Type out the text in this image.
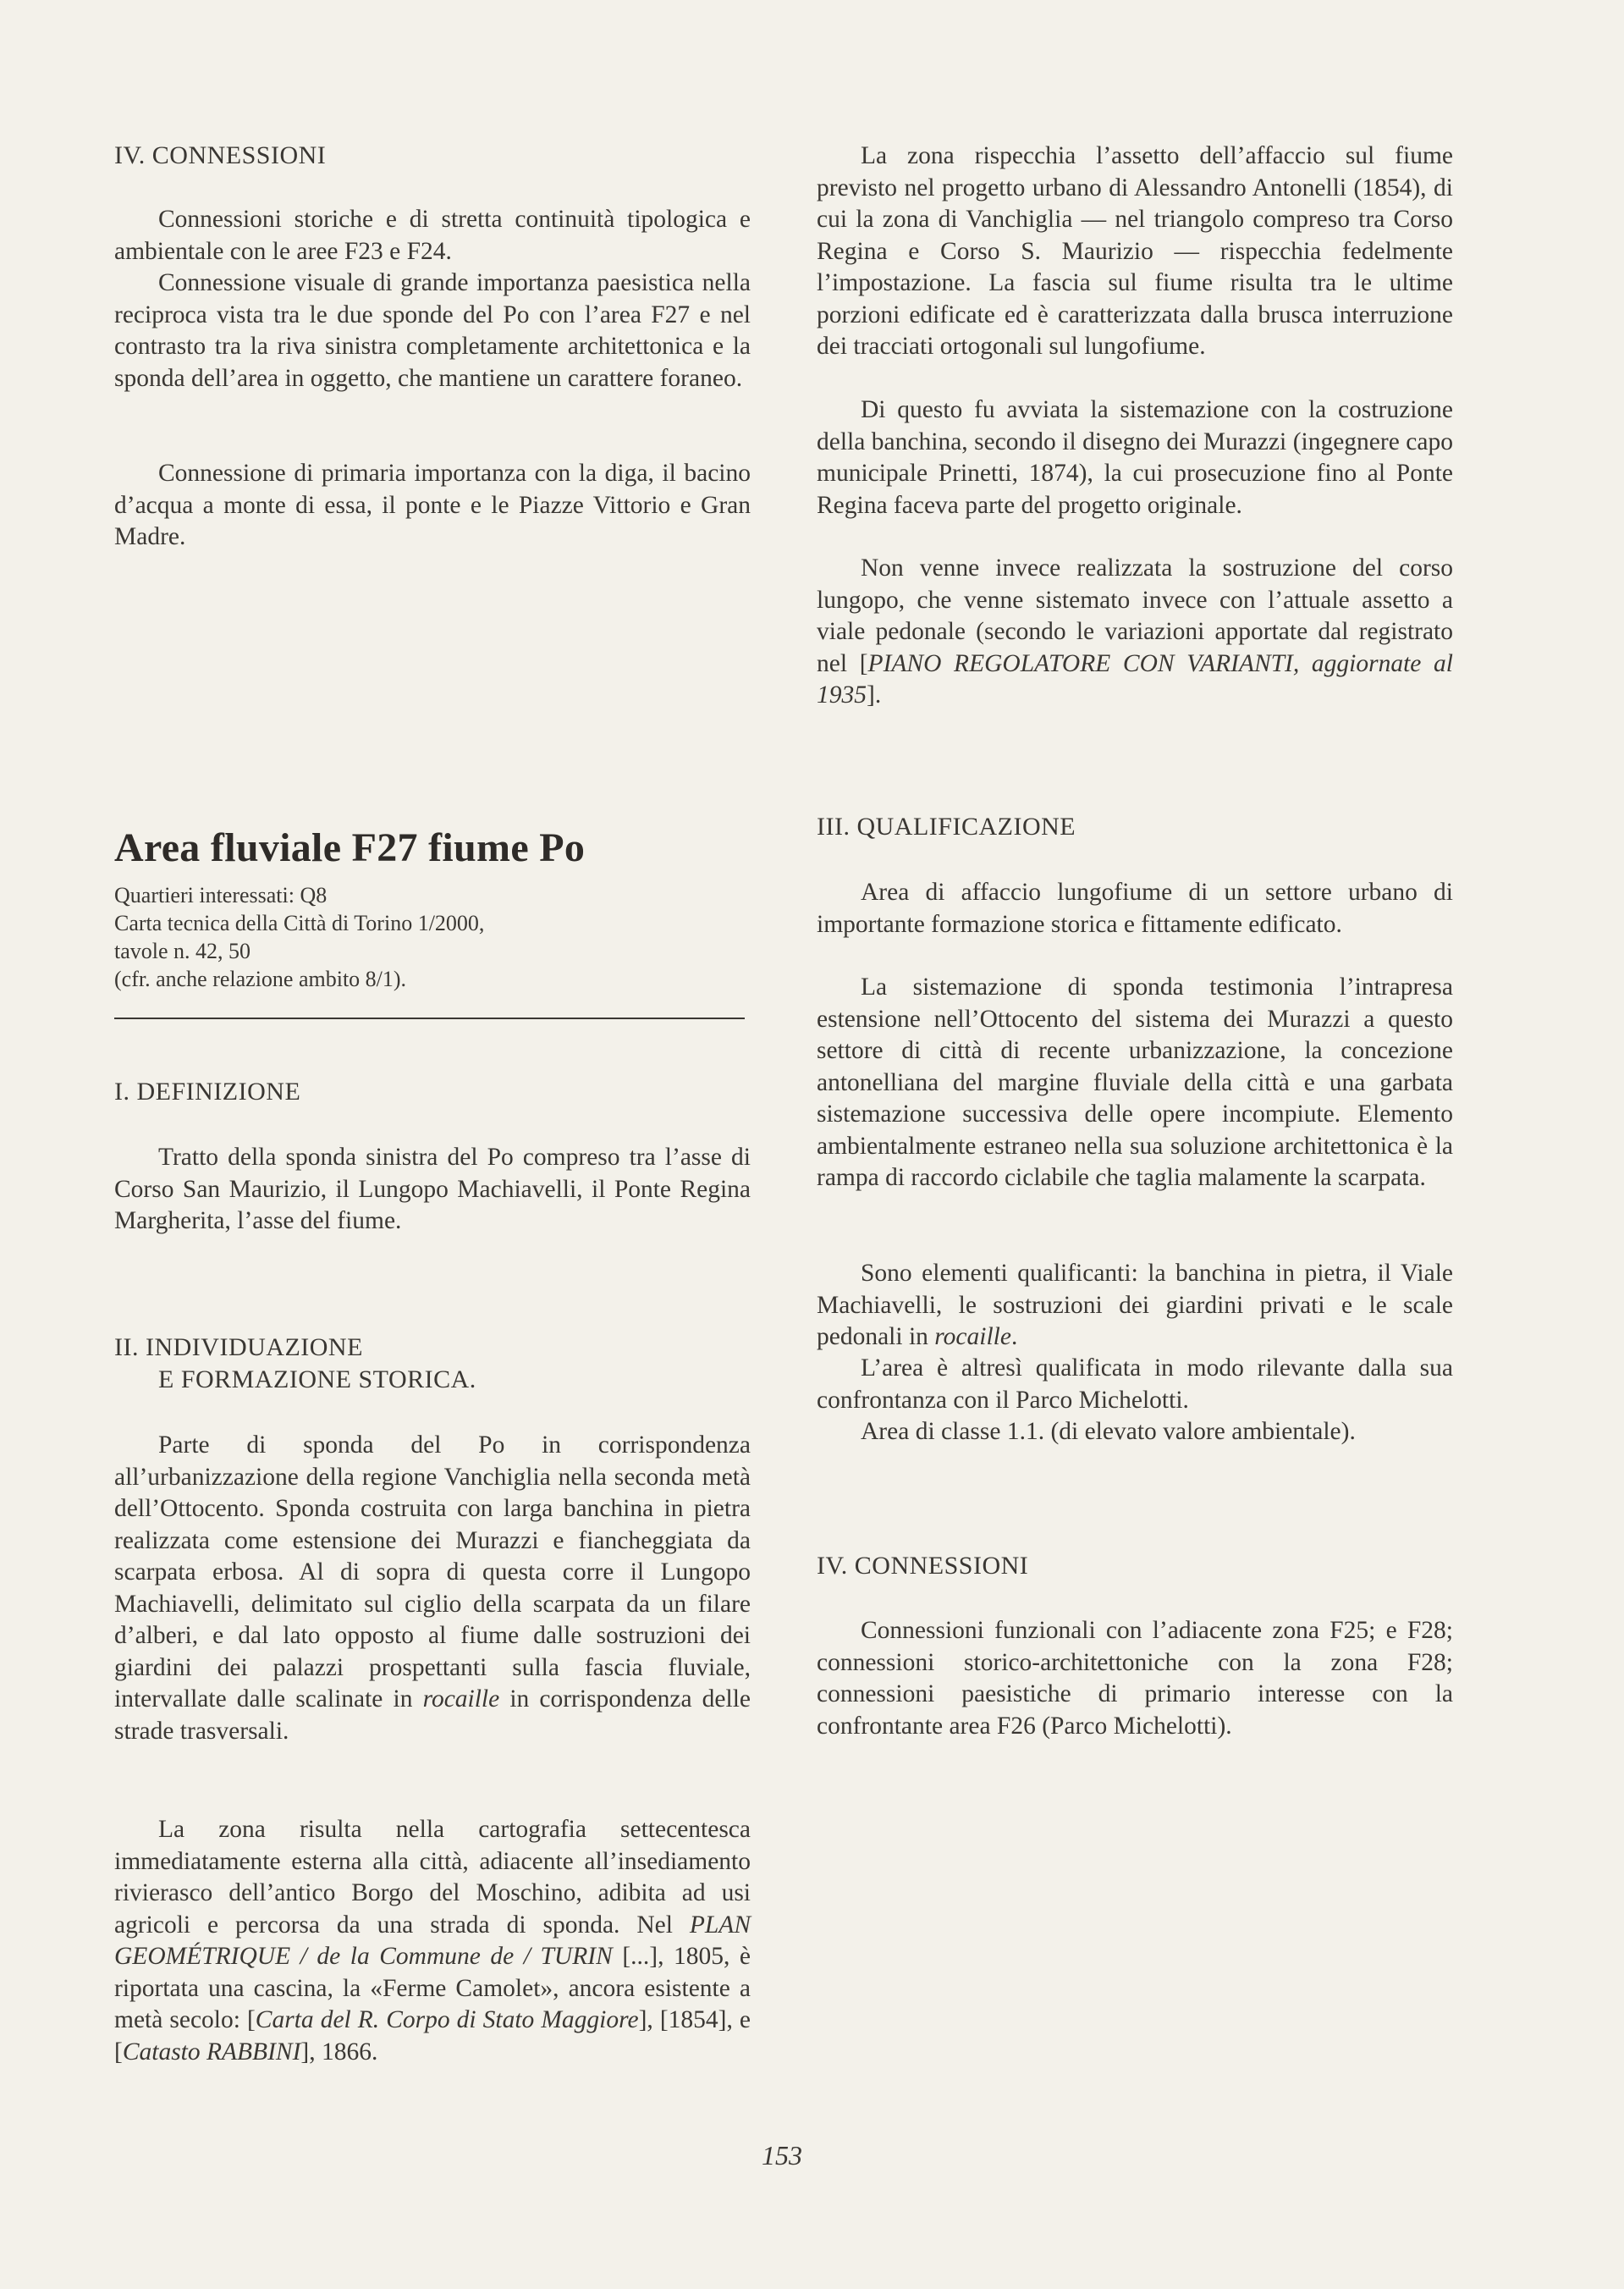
IV. CONNESSIONI

Connessioni storiche e di stretta continuità tipologica e ambientale con le aree F23 e F24.

Connessione visuale di grande importanza paesistica nella reciproca vista tra le due sponde del Po con l’area F27 e nel contrasto tra la riva sinistra completamente architettonica e la sponda dell’area in oggetto, che mantiene un carattere foraneo.

Connessione di primaria importanza con la diga, il bacino d’acqua a monte di essa, il ponte e le Piazze Vittorio e Gran Madre.

Area fluviale F27 fiume Po
Quartieri interessati: Q8
Carta tecnica della Città di Torino 1/2000,
tavole n. 42, 50
(cfr. anche relazione ambito 8/1).
I. DEFINIZIONE

Tratto della sponda sinistra del Po compreso tra l’asse di Corso San Maurizio, il Lungopo Machiavelli, il Ponte Regina Margherita, l’asse del fiume.

II. INDIVIDUAZIONE
E FORMAZIONE STORICA.

Parte di sponda del Po in corrispondenza all’urbanizzazione della regione Vanchiglia nella seconda metà dell’Ottocento. Sponda costruita con larga banchina in pietra realizzata come estensione dei Murazzi e fiancheggiata da scarpata erbosa. Al di sopra di questa corre il Lungopo Machiavelli, delimitato sul ciglio della scarpata da un filare d’alberi, e dal lato opposto al fiume dalle sostruzioni dei giardini dei palazzi prospettanti sulla fascia fluviale, intervallate dalle scalinate in rocaille in corrispondenza delle strade trasversali.

La zona risulta nella cartografia settecentesca immediatamente esterna alla città, adiacente all’insediamento rivierasco dell’antico Borgo del Moschino, adibita ad usi agricoli e percorsa da una strada di sponda. Nel PLAN GEOMÉTRIQUE / de la Commune de / TURIN [...], 1805, è riportata una cascina, la «Ferme Camolet», ancora esistente a metà secolo: [Carta del R. Corpo di Stato Maggiore], [1854], e [Catasto RABBINI], 1866.

La zona rispecchia l’assetto dell’affaccio sul fiume previsto nel progetto urbano di Alessandro Antonelli (1854), di cui la zona di Vanchiglia — nel triangolo compreso tra Corso Regina e Corso S. Maurizio — rispecchia fedelmente l’impostazione. La fascia sul fiume risulta tra le ultime porzioni edificate ed è caratterizzata dalla brusca interruzione dei tracciati ortogonali sul lungofiume.

Di questo fu avviata la sistemazione con la costruzione della banchina, secondo il disegno dei Murazzi (ingegnere capo municipale Prinetti, 1874), la cui prosecuzione fino al Ponte Regina faceva parte del progetto originale.

Non venne invece realizzata la sostruzione del corso lungopo, che venne sistemato invece con l’attuale assetto a viale pedonale (secondo le variazioni apportate dal registrato nel [PIANO REGOLATORE CON VARIANTI, aggiornate al 1935].

III. QUALIFICAZIONE

Area di affaccio lungofiume di un settore urbano di importante formazione storica e fittamente edificato.

La sistemazione di sponda testimonia l’intrapresa estensione nell’Ottocento del sistema dei Murazzi a questo settore di città di recente urbanizzazione, la concezione antonelliana del margine fluviale della città e una garbata sistemazione successiva delle opere incompiute. Elemento ambientalmente estraneo nella sua soluzione architettonica è la rampa di raccordo ciclabile che taglia malamente la scarpata.

Sono elementi qualificanti: la banchina in pietra, il Viale Machiavelli, le sostruzioni dei giardini privati e le scale pedonali in rocaille.

L’area è altresì qualificata in modo rilevante dalla sua confrontanza con il Parco Michelotti.

Area di classe 1.1. (di elevato valore ambientale).

IV. CONNESSIONI

Connessioni funzionali con l’adiacente zona F25; e F28; connessioni storico-architettoniche con la zona F28; connessioni paesistiche di primario interesse con la confrontante area F26 (Parco Michelotti).

153
